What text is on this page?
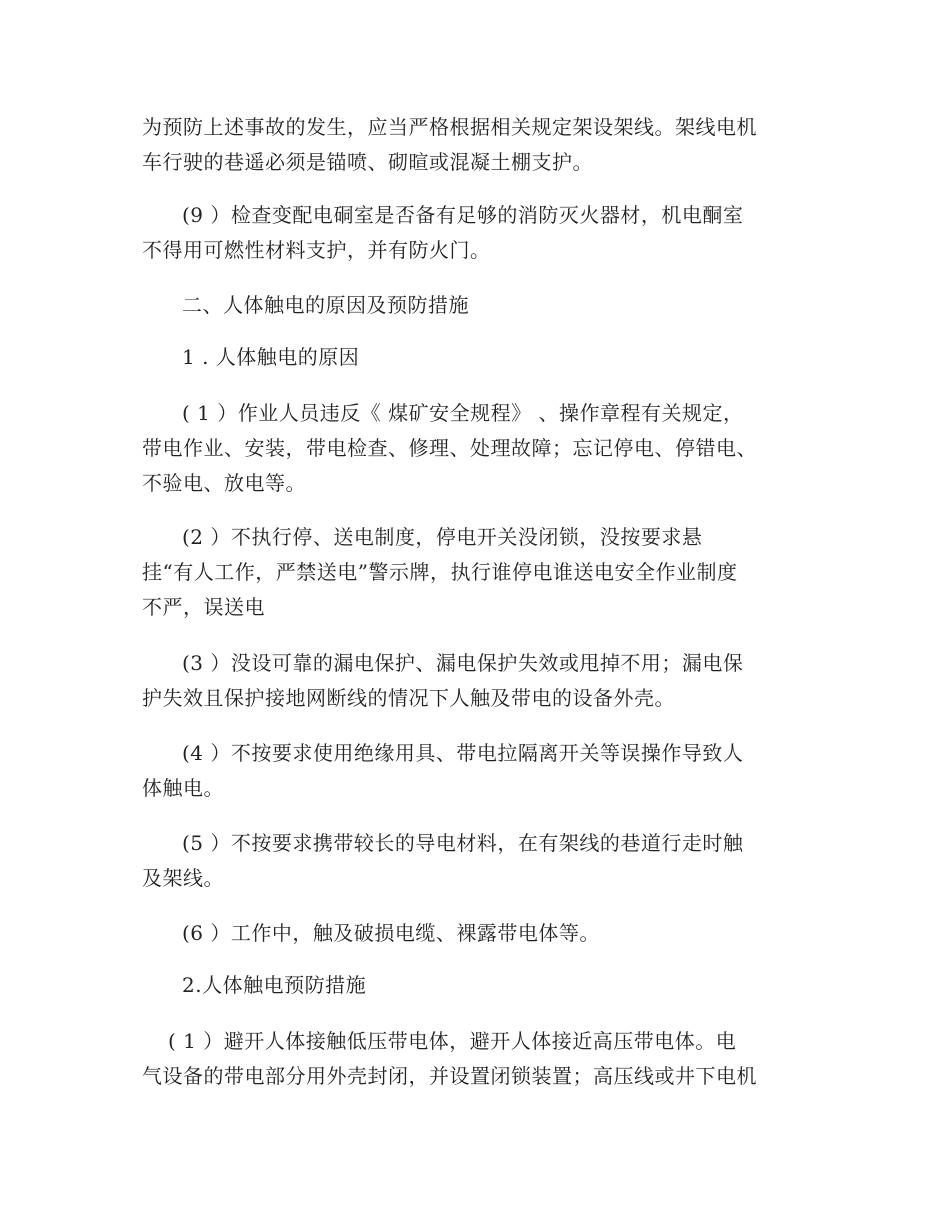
为预防上述事故的发生，应当严格根据相关规定架设架线。架线电机
车行驶的巷遥必须是锚喷、砌暄或混凝土棚支护。

(9 ）检查变配电硐室是否备有足够的消防灭火器材，机电酮室
不得用可燃性材料支护，并有防火门。

二、人体触电的原因及预防措施

1 . 人体触电的原因

( 1 ）作业人员违反《 煤矿安全规程》 、操作章程有关规定，
带电作业、安装，带电检查、修理、处理故障；忘记停电、停错电、
不验电、放电等。

(2 ）不执行停、送电制度，停电开关没闭锁，没按要求悬
挂“有人工作，严禁送电”警示牌，执行谁停电谁送电安全作业制度
不严，误送电

(3 ）没设可靠的漏电保护、漏电保护失效或甩掉不用；漏电保
护失效且保护接地网断线的情况下人触及带电的设备外壳。

(4 ）不按要求使用绝缘用具、带电拉隔离开关等误操作导致人
体触电。

(5 ）不按要求携带较长的导电材料，在有架线的巷道行走时触
及架线。

(6 ）工作中，触及破损电缆、裸露带电体等。

2.人体触电预防措施

( 1 ）避开人体接触低压带电体，避开人体接近高压带电体。电
气设备的带电部分用外壳封闭，并设置闭锁装置；高压线或井下电机
